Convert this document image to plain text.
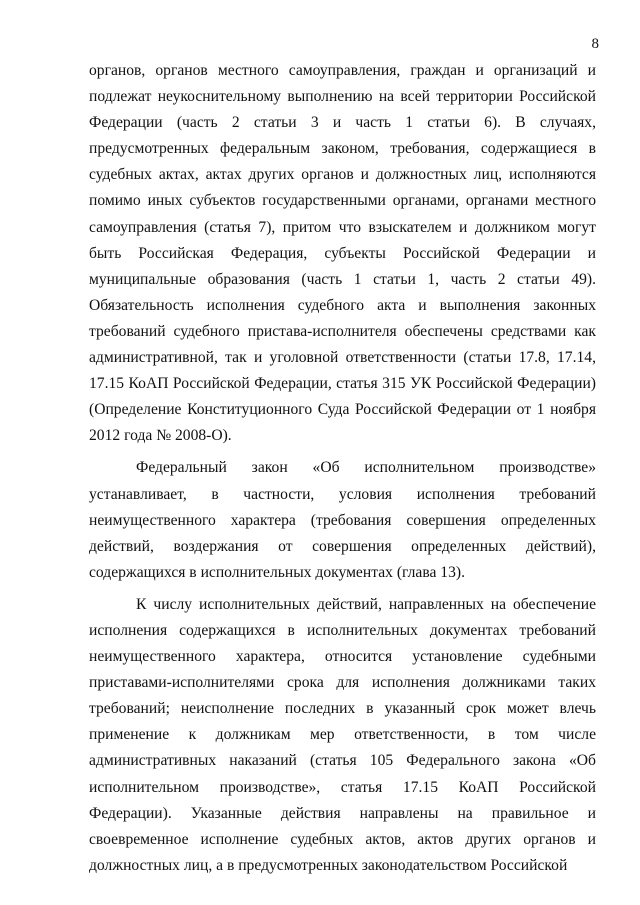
8

органов, органов местного самоуправления, граждан и организаций и подлежат неукоснительному выполнению на всей территории Российской Федерации (часть 2 статьи 3 и часть 1 статьи 6). В случаях, предусмотренных федеральным законом, требования, содержащиеся в судебных актах, актах других органов и должностных лиц, исполняются помимо иных субъектов государственными органами, органами местного самоуправления (статья 7), притом что взыскателем и должником могут быть Российская Федерация, субъекты Российской Федерации и муниципальные образования (часть 1 статьи 1, часть 2 статьи 49). Обязательность исполнения судебного акта и выполнения законных требований судебного пристава-исполнителя обеспечены средствами как административной, так и уголовной ответственности (статьи 17.8, 17.14, 17.15 КоАП Российской Федерации, статья 315 УК Российской Федерации) (Определение Конституционного Суда Российской Федерации от 1 ноября 2012 года № 2008-О).

Федеральный закон «Об исполнительном производстве» устанавливает, в частности, условия исполнения требований неимущественного характера (требования совершения определенных действий, воздержания от совершения определенных действий), содержащихся в исполнительных документах (глава 13).

К числу исполнительных действий, направленных на обеспечение исполнения содержащихся в исполнительных документах требований неимущественного характера, относится установление судебными приставами-исполнителями срока для исполнения должниками таких требований; неисполнение последних в указанный срок может влечь применение к должникам мер ответственности, в том числе административных наказаний (статья 105 Федерального закона «Об исполнительном производстве», статья 17.15 КоАП Российской Федерации). Указанные действия направлены на правильное и своевременное исполнение судебных актов, актов других органов и должностных лиц, а в предусмотренных законодательством Российской
